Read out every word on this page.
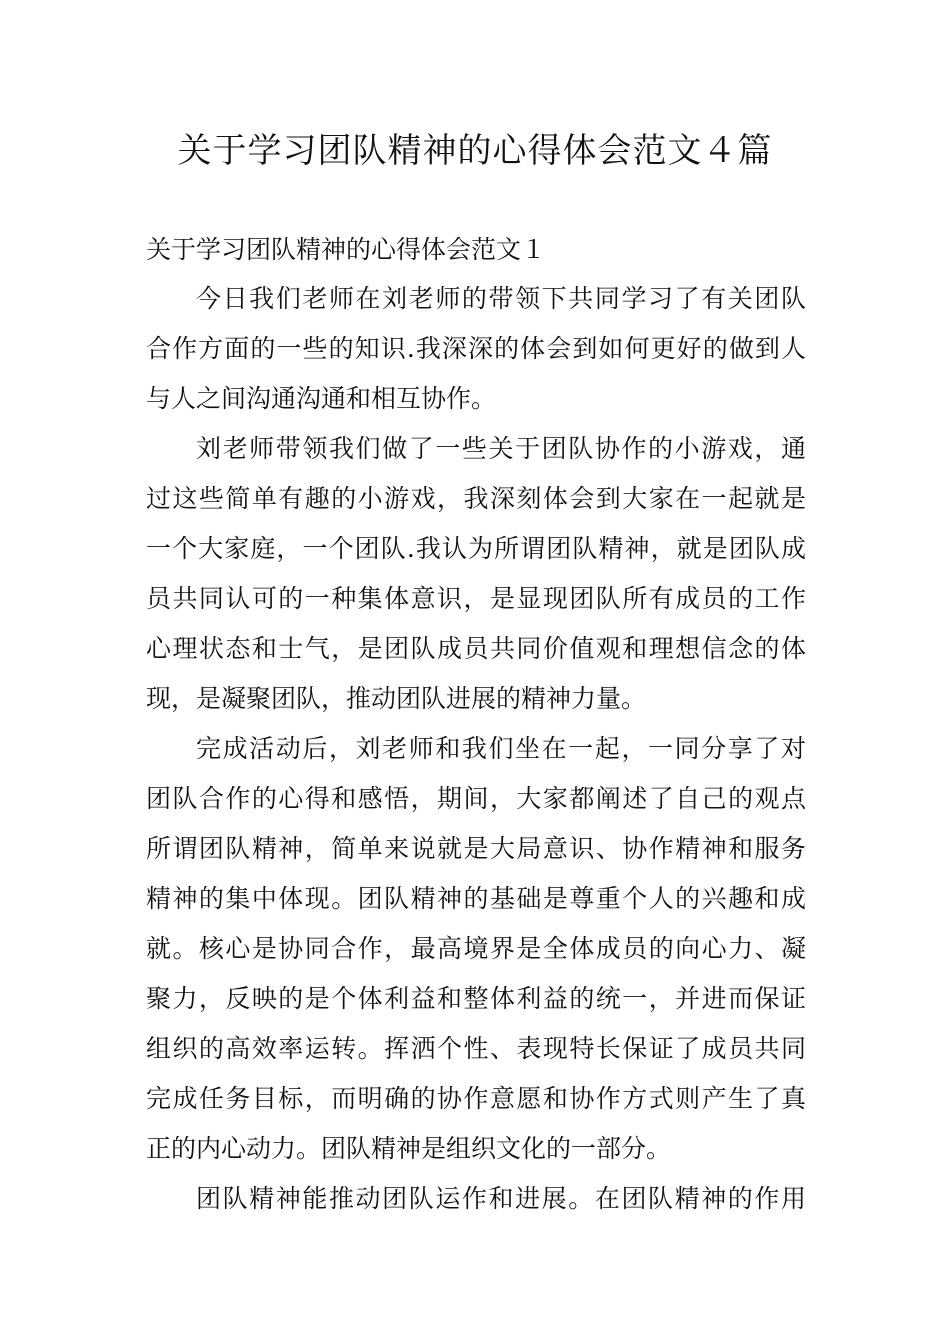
关于学习团队精神的心得体会范文４篇

关于学习团队精神的心得体会范文１

今日我们老师在刘老师的带领下共同学习了有关团队

合作方面的一些的知识.我深深的体会到如何更好的做到人

与人之间沟通沟通和相互协作。

刘老师带领我们做了一些关于团队协作的小游戏，通

过这些简单有趣的小游戏，我深刻体会到大家在一起就是

一个大家庭，一个团队.我认为所谓团队精神，就是团队成

员共同认可的一种集体意识，是显现团队所有成员的工作

心理状态和士气，是团队成员共同价值观和理想信念的体

现，是凝聚团队，推动团队进展的精神力量。

完成活动后，刘老师和我们坐在一起，一同分享了对

团队合作的心得和感悟，期间，大家都阐述了自己的观点

所谓团队精神，简单来说就是大局意识、协作精神和服务

精神的集中体现。团队精神的基础是尊重个人的兴趣和成

就。核心是协同合作，最高境界是全体成员的向心力、凝

聚力，反映的是个体利益和整体利益的统一，并进而保证

组织的高效率运转。挥洒个性、表现特长保证了成员共同

完成任务目标，而明确的协作意愿和协作方式则产生了真

正的内心动力。团队精神是组织文化的一部分。

团队精神能推动团队运作和进展。在团队精神的作用
